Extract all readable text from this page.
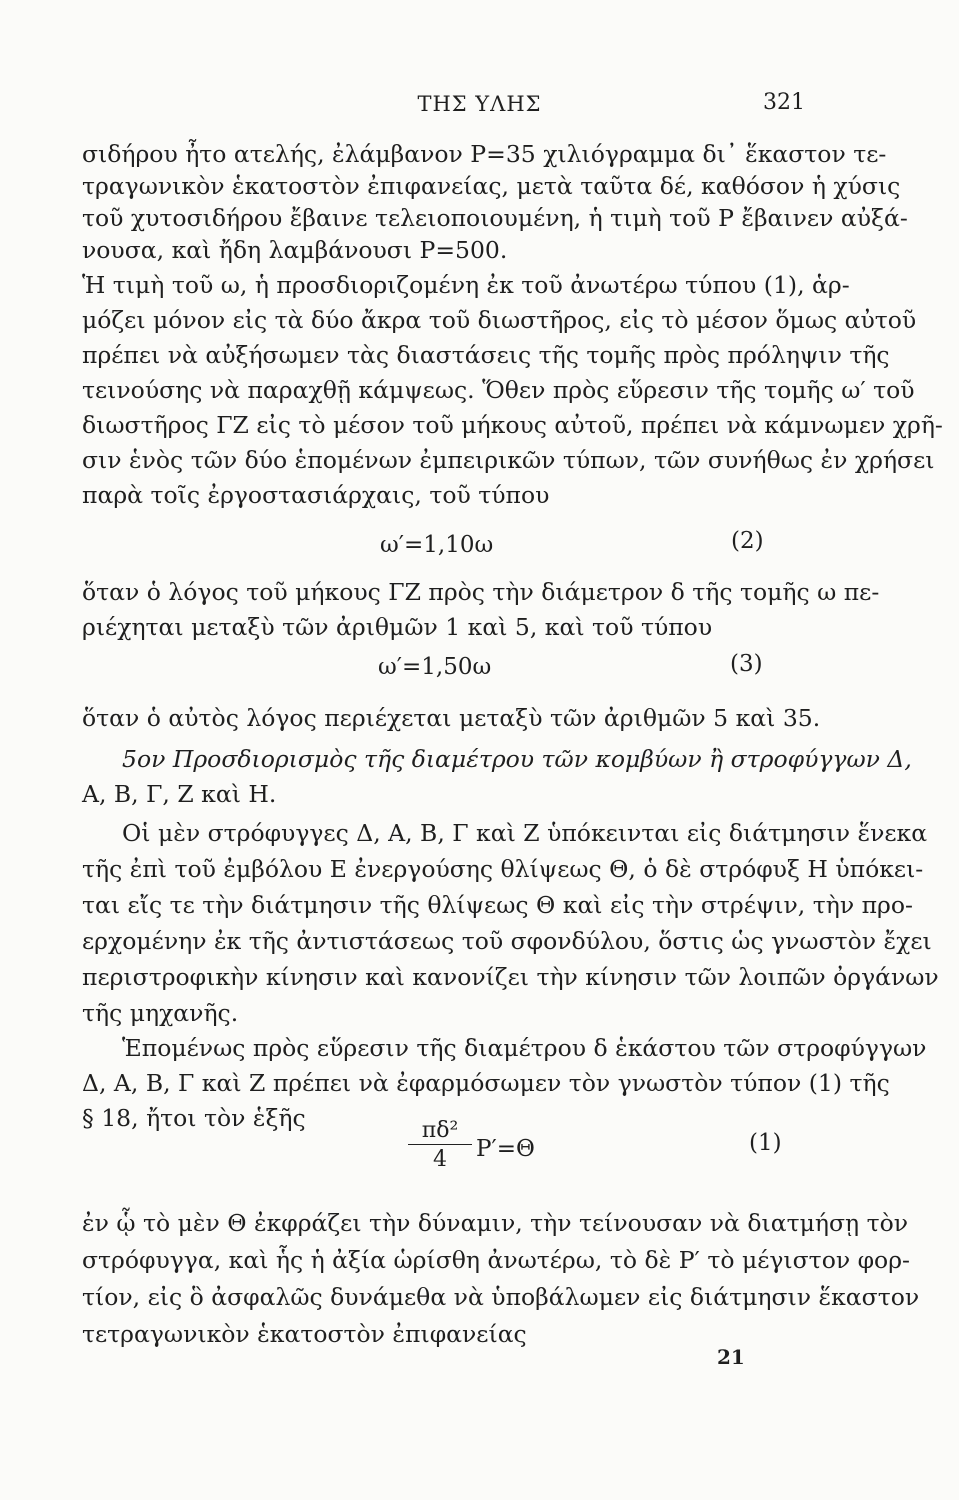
ΤΗΣ ΥΛΗΣ	321
σιδήρου ἦτο ατελής, ἐλάμβανον P=35 χιλιόγραμμα δι᾽ ἕκαστον τε-
τραγωνικὸν ἑκατοστὸν ἐπιφανείας, μετὰ ταῦτα δέ, καθόσον ἡ χύσις
τοῦ χυτοσιδήρου ἔβαινε τελειοποιουμένη, ἡ τιμὴ τοῦ P ἔβαινεν αὐξά-
νουσα, καὶ ἤδη λαμβάνουσι P=500.
Ἡ τιμὴ τοῦ ω, ἡ προσδιοριζομένη ἐκ τοῦ ἀνωτέρω τύπου (1), ἁρ-
μόζει μόνον εἰς τὰ δύο ἄκρα τοῦ διωστῆρος, εἰς τὸ μέσον ὅμως αὐτοῦ
πρέπει νὰ αὐξήσωμεν τὰς διαστάσεις τῆς τομῆς πρὸς πρόληψιν τῆς
τεινούσης νὰ παραχθῇ κάμψεως. Ὅθεν πρὸς εὕρεσιν τῆς τομῆς ω′ τοῦ
διωστῆρος ΓΖ εἰς τὸ μέσον τοῦ μήκους αὐτοῦ, πρέπει νὰ κάμνωμεν χρῆ-
σιν ἑνὸς τῶν δύο ἑπομένων ἐμπειρικῶν τύπων, τῶν συνήθως ἐν χρήσει
παρὰ τοῖς ἐργοστασιάρχαις, τοῦ τύπου
ω′=1,10ω	(2)
ὅταν ὁ λόγος τοῦ μήκους ΓΖ πρὸς τὴν διάμετρον δ τῆς τομῆς ω πε-
ριέχηται μεταξὺ τῶν ἀριθμῶν 1 καὶ 5, καὶ τοῦ τύπου
ω′=1,50ω	(3)
ὅταν ὁ αὐτὸς λόγος περιέχεται μεταξὺ τῶν ἀριθμῶν 5 καὶ 35.
5ον Προσδιορισμὸς τῆς διαμέτρου τῶν κομβύων ἢ στροφύγγων Δ,
Α, Β, Γ, Ζ καὶ Η.
Οἱ μὲν στρόφυγγες Δ, Α, Β, Γ καὶ Ζ ὑπόκεινται εἰς διάτμησιν ἕνεκα
τῆς ἐπὶ τοῦ ἐμβόλου Ε ἐνεργούσης θλίψεως Θ, ὁ δὲ στρόφυξ Η ὑπόκει-
ται εἴς τε τὴν διάτμησιν τῆς θλίψεως Θ καὶ εἰς τὴν στρέψιν, τὴν προ-
ερχομένην ἐκ τῆς ἀντιστάσεως τοῦ σφονδύλου, ὅστις ὡς γνωστὸν ἔχει
περιστροφικὴν κίνησιν καὶ κανονίζει τὴν κίνησιν τῶν λοιπῶν ὀργάνων
τῆς μηχανῆς.
Ἑπομένως πρὸς εὕρεσιν τῆς διαμέτρου δ ἑκάστου τῶν στροφύγγων
Δ, Α, Β, Γ καὶ Ζ πρέπει νὰ ἐφαρμόσωμεν τὸν γνωστὸν τύπον (1) τῆς
§ 18, ἤτοι τὸν ἑξῆς	$\frac{\text{πδ²}}{4} P'=\Theta$	(1)
ἐν ᾧ τὸ μὲν Θ ἐκφράζει τὴν δύναμιν, τὴν τείνουσαν νὰ διατμήσῃ τὸν
στρόφυγγα, καὶ ἧς ἡ ἀξία ὡρίσθη ἀνωτέρω, τὸ δὲ P′ τὸ μέγιστον φορ-
τίον, εἰς ὃ ἀσφαλῶς δυνάμεθα νὰ ὑποβάλωμεν εἰς διάτμησιν ἕκαστον
τετραγωνικὸν ἑκατοστὸν ἐπιφανείας
21
